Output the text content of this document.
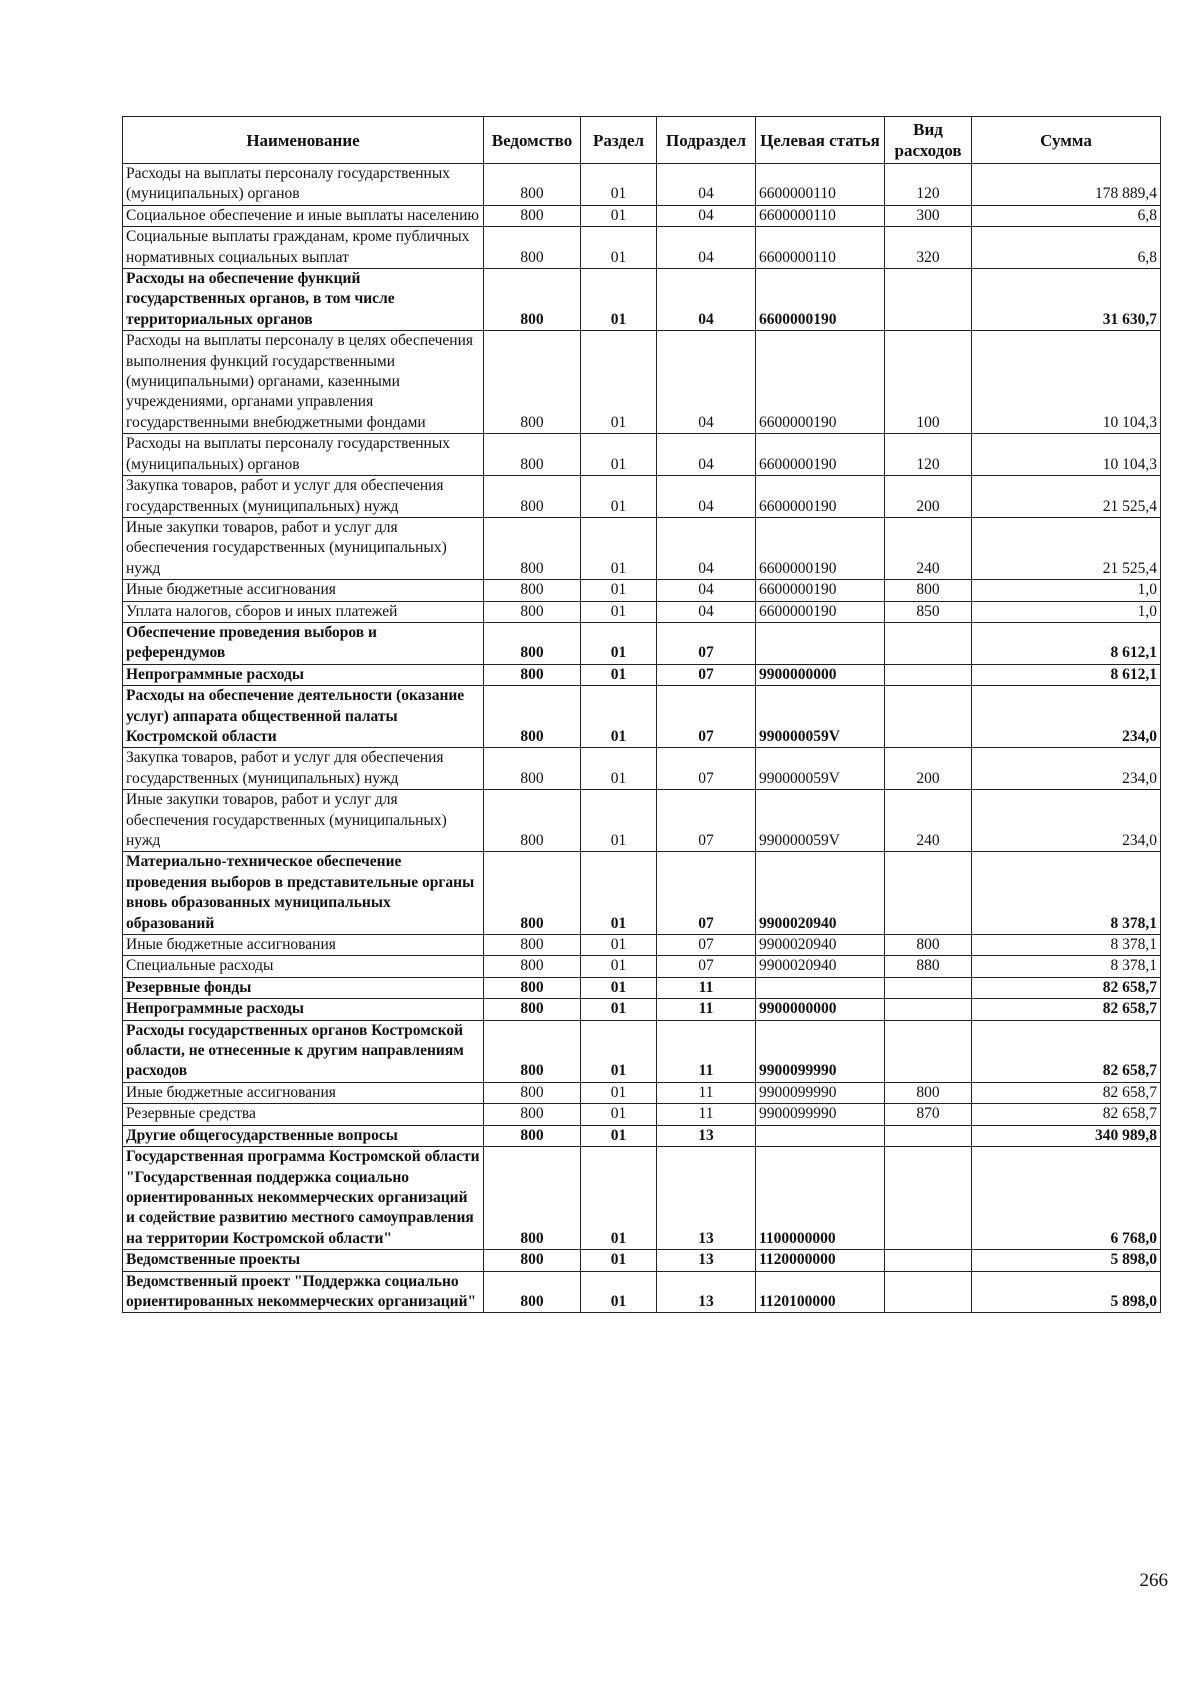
Наименование	Ведомство	Раздел	Подраздел	Целевая статья	Вид расходов	Сумма
Расходы на выплаты персоналу государственных (муниципальных) органов	800	01	04	6600000110	120	178 889,4
Социальное обеспечение и иные выплаты населению	800	01	04	6600000110	300	6,8
Социальные выплаты гражданам, кроме публичных нормативных социальных выплат	800	01	04	6600000110	320	6,8
Расходы на обеспечение функций государственных органов, в том числе территориальных органов	800	01	04	6600000190		31 630,7
Расходы на выплаты персоналу в целях обеспечения выполнения функций государственными (муниципальными) органами, казенными учреждениями, органами управления государственными внебюджетными фондами	800	01	04	6600000190	100	10 104,3
Расходы на выплаты персоналу государственных (муниципальных) органов	800	01	04	6600000190	120	10 104,3
Закупка товаров, работ и услуг для обеспечения государственных (муниципальных) нужд	800	01	04	6600000190	200	21 525,4
Иные закупки товаров, работ и услуг для обеспечения государственных (муниципальных) нужд	800	01	04	6600000190	240	21 525,4
Иные бюджетные ассигнования	800	01	04	6600000190	800	1,0
Уплата налогов, сборов и иных платежей	800	01	04	6600000190	850	1,0
Обеспечение проведения выборов и референдумов	800	01	07			8 612,1
Непрограммные расходы	800	01	07	9900000000		8 612,1
Расходы на обеспечение деятельности (оказание услуг) аппарата общественной палаты Костромской области	800	01	07	990000059V		234,0
Закупка товаров, работ и услуг для обеспечения государственных (муниципальных) нужд	800	01	07	990000059V	200	234,0
Иные закупки товаров, работ и услуг для обеспечения государственных (муниципальных) нужд	800	01	07	990000059V	240	234,0
Материально-техническое обеспечение проведения выборов в представительные органы вновь образованных муниципальных образований	800	01	07	9900020940		8 378,1
Иные бюджетные ассигнования	800	01	07	9900020940	800	8 378,1
Специальные расходы	800	01	07	9900020940	880	8 378,1
Резервные фонды	800	01	11			82 658,7
Непрограммные расходы	800	01	11	9900000000		82 658,7
Расходы государственных органов Костромской области, не отнесенные к другим направлениям расходов	800	01	11	9900099990		82 658,7
Иные бюджетные ассигнования	800	01	11	9900099990	800	82 658,7
Резервные средства	800	01	11	9900099990	870	82 658,7
Другие общегосударственные вопросы	800	01	13			340 989,8
Государственная программа Костромской области "Государственная поддержка социально ориентированных некоммерческих организаций и содействие развитию местного самоуправления на территории Костромской области"	800	01	13	1100000000		6 768,0
Ведомственные проекты	800	01	13	1120000000		5 898,0
Ведомственный проект "Поддержка социально ориентированных некоммерческих организаций"	800	01	13	1120100000		5 898,0
266
